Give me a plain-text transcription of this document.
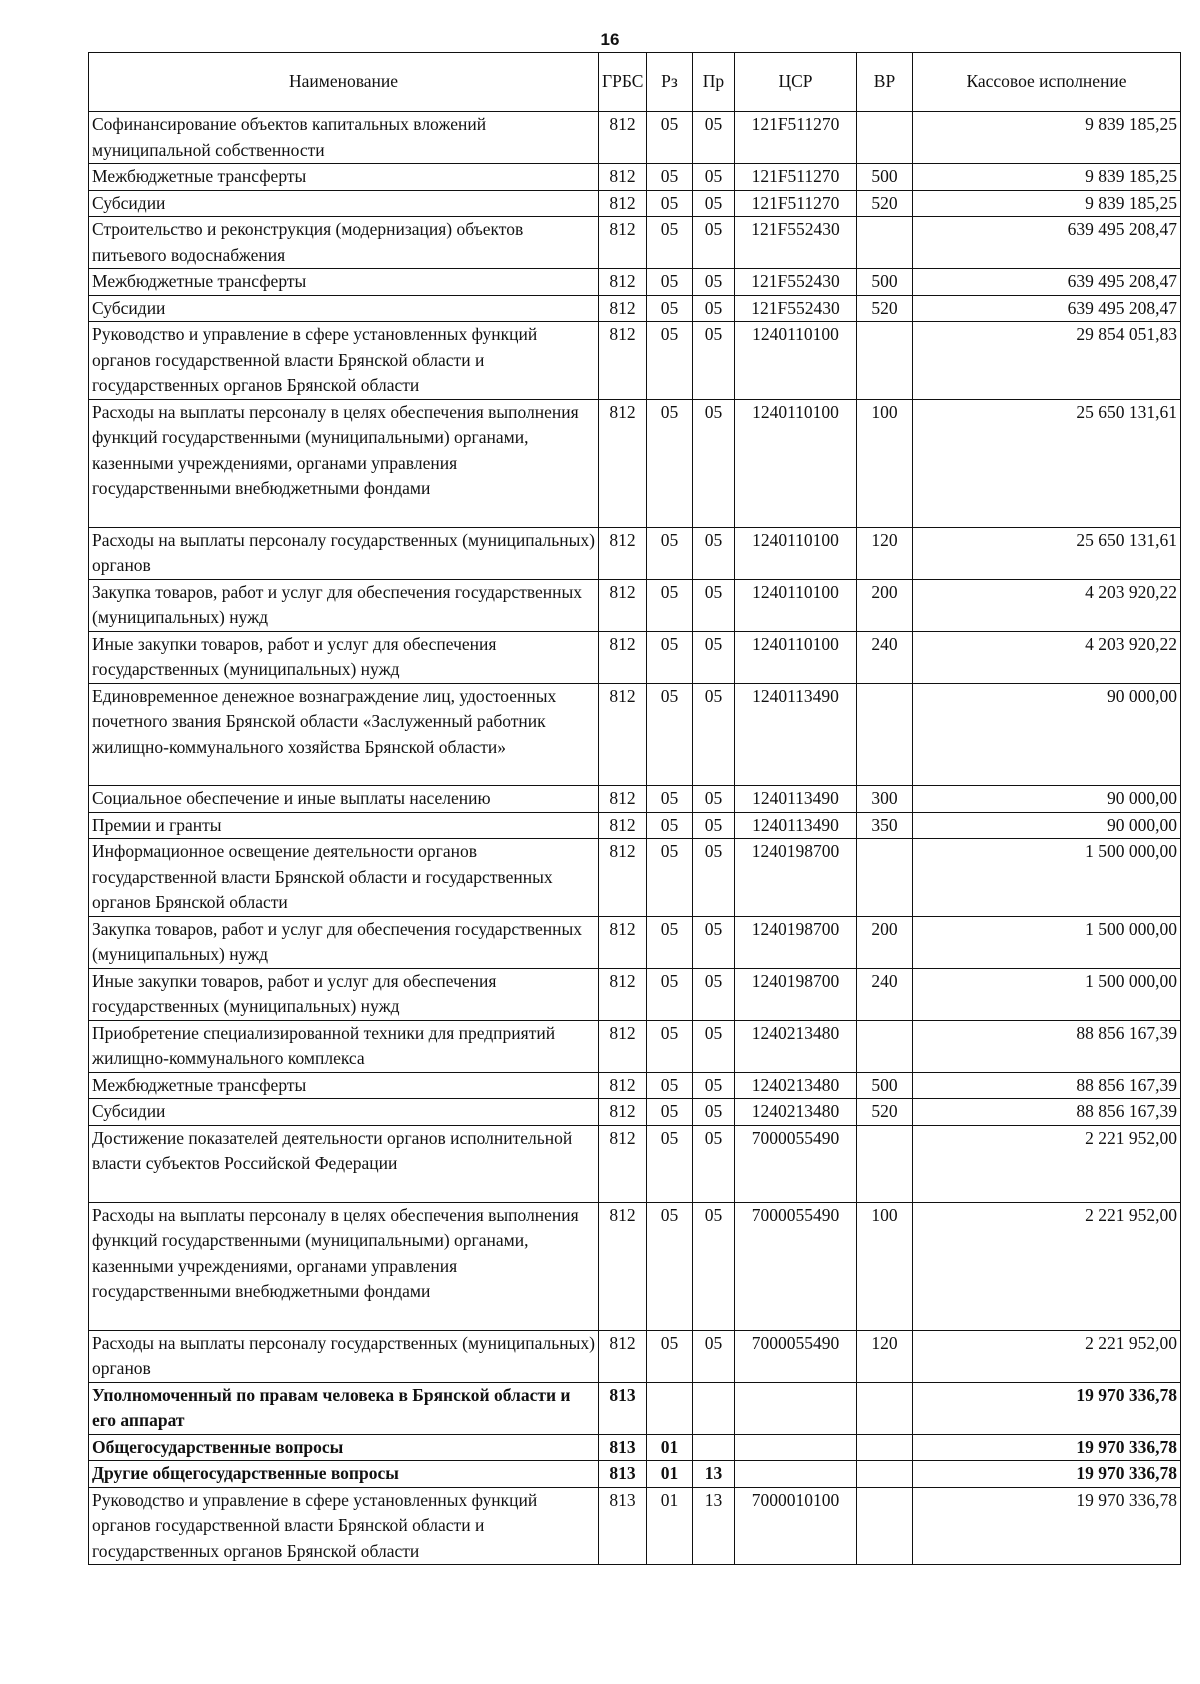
16
Наименование	ГРБС	Рз	Пр	ЦСР	ВР	Кассовое исполнение
Софинансирование объектов капитальных вложений муниципальной собственности	812	05	05	121F511270		9 839 185,25
Межбюджетные трансферты	812	05	05	121F511270	500	9 839 185,25
Субсидии	812	05	05	121F511270	520	9 839 185,25
Строительство и реконструкция (модернизация) объектов питьевого водоснабжения	812	05	05	121F552430		639 495 208,47
Межбюджетные трансферты	812	05	05	121F552430	500	639 495 208,47
Субсидии	812	05	05	121F552430	520	639 495 208,47
Руководство и управление в сфере установленных функций органов государственной власти Брянской области и государственных органов Брянской области	812	05	05	1240110100		29 854 051,83
Расходы на выплаты персоналу в целях обеспечения выполнения функций государственными (муниципальными) органами, казенными учреждениями, органами управления государственными внебюджетными фондами	812	05	05	1240110100	100	25 650 131,61
Расходы на выплаты персоналу государственных (муниципальных) органов	812	05	05	1240110100	120	25 650 131,61
Закупка товаров, работ и услуг для обеспечения государственных (муниципальных) нужд	812	05	05	1240110100	200	4 203 920,22
Иные закупки товаров, работ и услуг для обеспечения государственных (муниципальных) нужд	812	05	05	1240110100	240	4 203 920,22
Единовременное денежное вознаграждение лиц, удостоенных почетного звания Брянской области «Заслуженный работник жилищно-коммунального хозяйства Брянской области»	812	05	05	1240113490		90 000,00
Социальное обеспечение и иные выплаты населению	812	05	05	1240113490	300	90 000,00
Премии и гранты	812	05	05	1240113490	350	90 000,00
Информационное освещение деятельности органов государственной власти Брянской области и государственных органов Брянской области	812	05	05	1240198700		1 500 000,00
Закупка товаров, работ и услуг для обеспечения государственных (муниципальных) нужд	812	05	05	1240198700	200	1 500 000,00
Иные закупки товаров, работ и услуг для обеспечения государственных (муниципальных) нужд	812	05	05	1240198700	240	1 500 000,00
Приобретение специализированной техники для предприятий жилищно-коммунального комплекса	812	05	05	1240213480		88 856 167,39
Межбюджетные трансферты	812	05	05	1240213480	500	88 856 167,39
Субсидии	812	05	05	1240213480	520	88 856 167,39
Достижение показателей деятельности органов исполнительной власти субъектов Российской Федерации	812	05	05	7000055490		2 221 952,00
Расходы на выплаты персоналу в целях обеспечения выполнения функций государственными (муниципальными) органами, казенными учреждениями, органами управления государственными внебюджетными фондами	812	05	05	7000055490	100	2 221 952,00
Расходы на выплаты персоналу государственных (муниципальных) органов	812	05	05	7000055490	120	2 221 952,00
Уполномоченный по правам человека в Брянской области и его аппарат	813					19 970 336,78
Общегосударственные вопросы	813	01				19 970 336,78
Другие общегосударственные вопросы	813	01	13			19 970 336,78
Руководство и управление в сфере установленных функций органов государственной власти Брянской области и государственных органов Брянской области	813	01	13	7000010100		19 970 336,78
